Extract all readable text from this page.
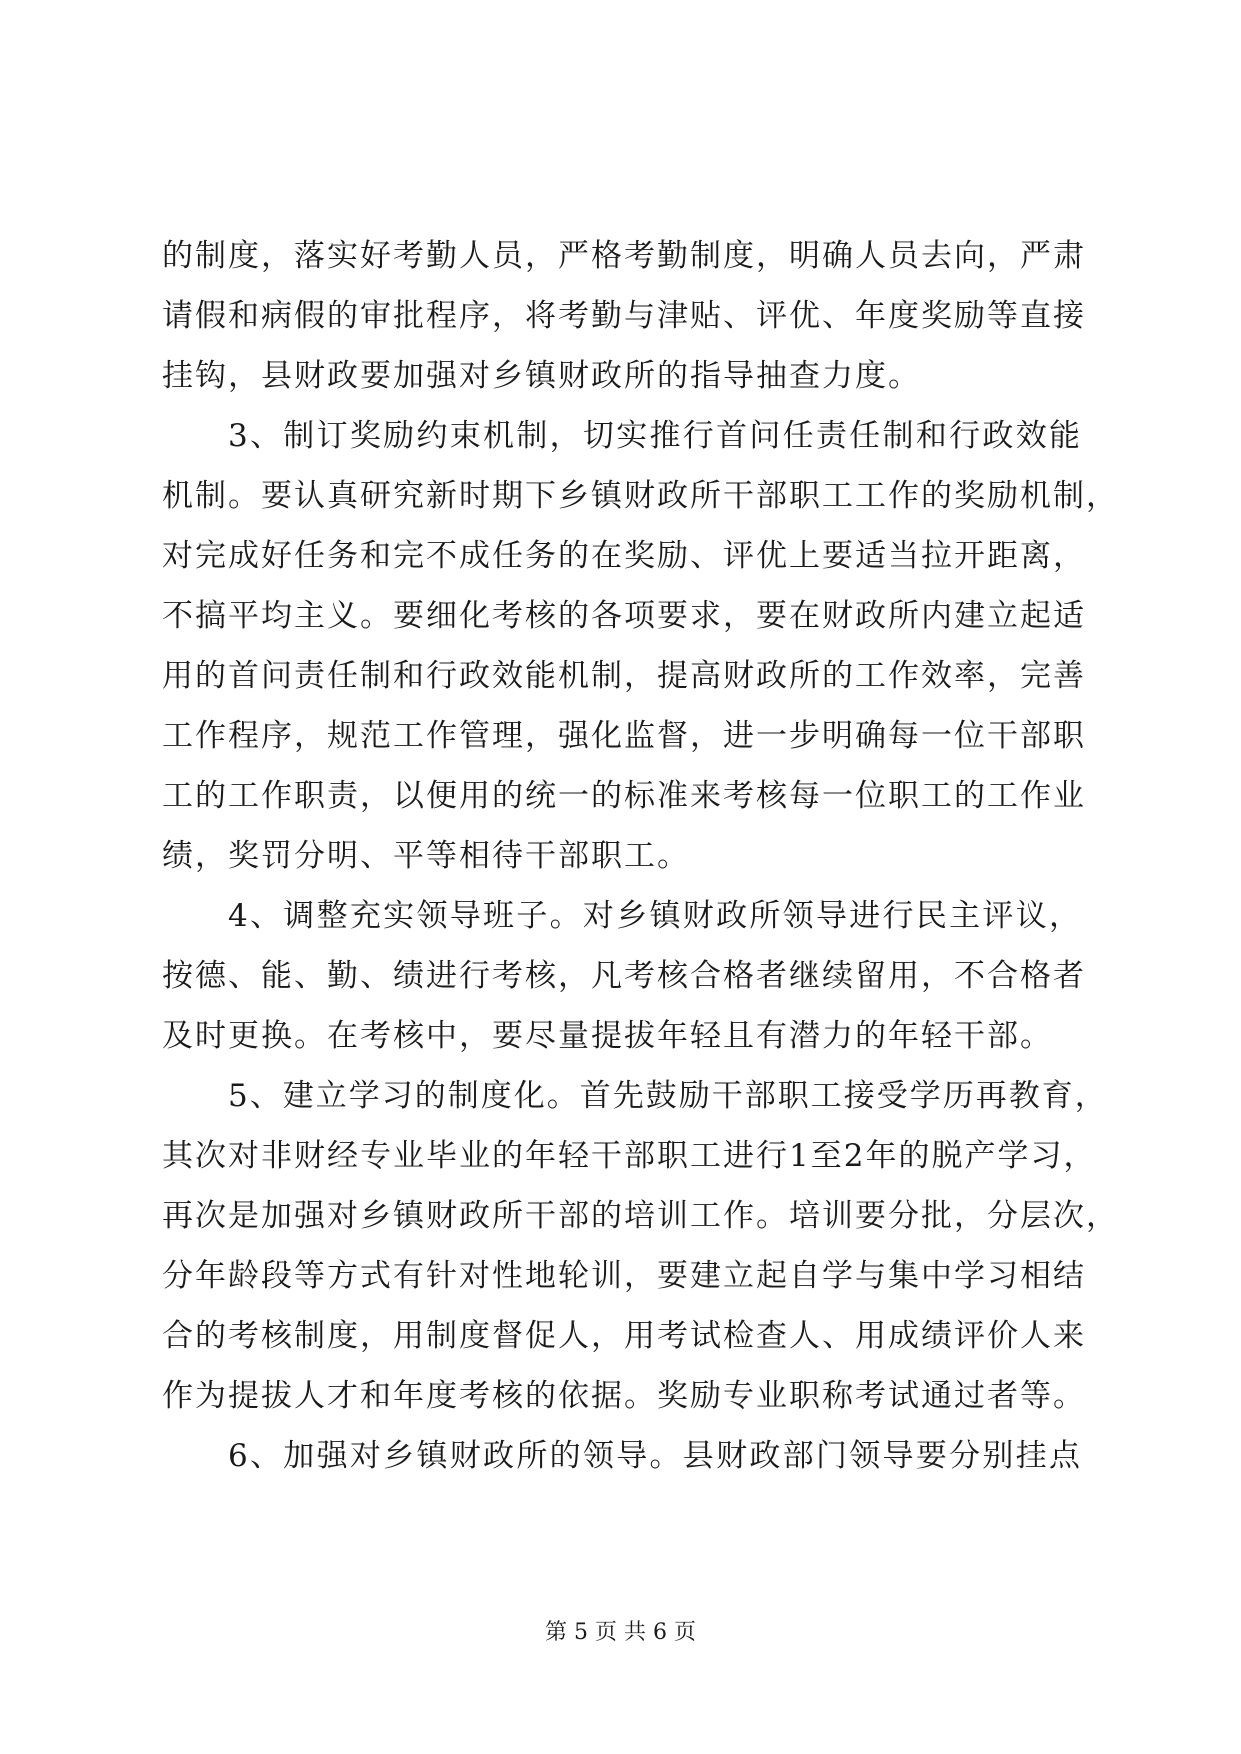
的制度，落实好考勤人员，严格考勤制度，明确人员去向，严肃
请假和病假的审批程序，将考勤与津贴、评优、年度奖励等直接
挂钩，县财政要加强对乡镇财政所的指导抽查力度。
3、制订奖励约束机制，切实推行首问任责任制和行政效能
机制。要认真研究新时期下乡镇财政所干部职工工作的奖励机制，
对完成好任务和完不成任务的在奖励、评优上要适当拉开距离，
不搞平均主义。要细化考核的各项要求，要在财政所内建立起适
用的首问责任制和行政效能机制，提高财政所的工作效率，完善
工作程序，规范工作管理，强化监督，进一步明确每一位干部职
工的工作职责，以便用的统一的标准来考核每一位职工的工作业
绩，奖罚分明、平等相待干部职工。
4、调整充实领导班子。对乡镇财政所领导进行民主评议，
按德、能、勤、绩进行考核，凡考核合格者继续留用，不合格者
及时更换。在考核中，要尽量提拔年轻且有潜力的年轻干部。
5、建立学习的制度化。首先鼓励干部职工接受学历再教育，
其次对非财经专业毕业的年轻干部职工进行1至2年的脱产学习，
再次是加强对乡镇财政所干部的培训工作。培训要分批，分层次，
分年龄段等方式有针对性地轮训，要建立起自学与集中学习相结
合的考核制度，用制度督促人，用考试检查人、用成绩评价人来
作为提拔人才和年度考核的依据。奖励专业职称考试通过者等。
6、加强对乡镇财政所的领导。县财政部门领导要分别挂点
第 5 页 共 6 页
